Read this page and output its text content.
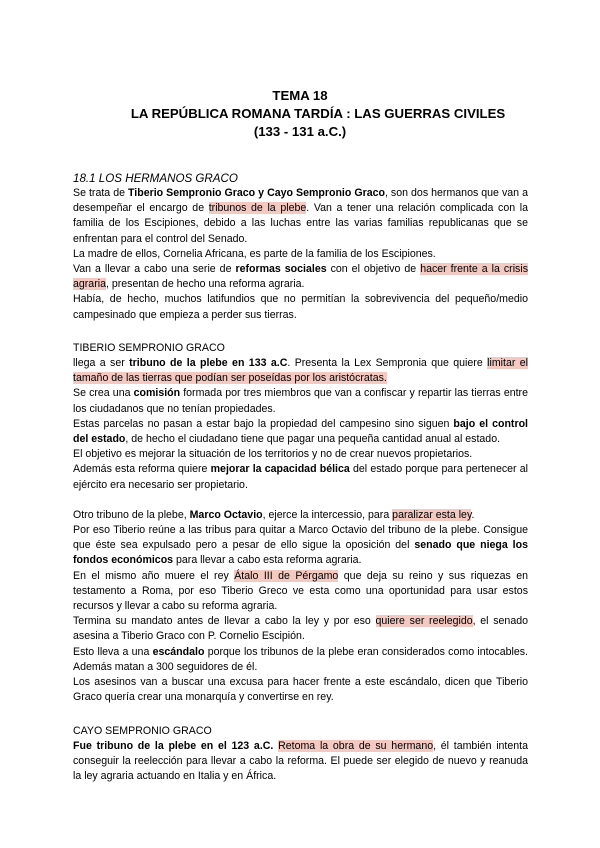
TEMA 18

LA REPÚBLICA ROMANA TARDÍA : LAS GUERRAS CIVILES

(133 - 131 a.C.)

18.1 LOS HERMANOS GRACO

Se trata de Tiberio Sempronio Graco y Cayo Sempronio Graco, son dos hermanos que van a desempeñar el encargo de tribunos de la plebe. Van a tener una relación complicada con la familia de los Escipiones, debido a las luchas entre las varias familias republicanas que se enfrentan para el control del Senado.

La madre de ellos, Cornelia Africana, es parte de la familia de los Escipiones.

Van a llevar a cabo una serie de reformas sociales con el objetivo de hacer frente a la crisis agraria, presentan de hecho una reforma agraria.

Había, de hecho, muchos latifundios que no permitían la sobrevivencia del pequeño/medio campesinado que empieza a perder sus tierras.

TIBERIO SEMPRONIO GRACO

llega a ser tribuno de la plebe en 133 a.C. Presenta la Lex Sempronia que quiere limitar el tamaño de las tierras que podían ser poseídas por los aristócratas.

Se crea una comisión formada por tres miembros que van a confiscar y repartir las tierras entre los ciudadanos que no tenían propiedades.

Estas parcelas no pasan a estar bajo la propiedad del campesino sino siguen bajo el control del estado, de hecho el ciudadano tiene que pagar una pequeña cantidad anual al estado.

El objetivo es mejorar la situación de los territorios y no de crear nuevos propietarios.

Además esta reforma quiere mejorar la capacidad bélica del estado porque para pertenecer al ejército era necesario ser propietario.

Otro tribuno de la plebe, Marco Octavio, ejerce la intercessio, para paralizar esta ley.

Por eso Tiberio reúne a las tribus para quitar a Marco Octavio del tribuno de la plebe. Consigue que éste sea expulsado pero a pesar de ello sigue la oposición del senado que niega los fondos económicos para llevar a cabo esta reforma agraria.

En el mismo año muere el rey Átalo III de Pérgamo que deja su reino y sus riquezas en testamento a Roma, por eso Tiberio Greco ve esta como una oportunidad para usar estos recursos y llevar a cabo su reforma agraria.

Termina su mandato antes de llevar a cabo la ley y por eso quiere ser reelegido, el senado asesina a Tiberio Graco con P. Cornelio Escipión.

Esto lleva a una escándalo porque los tribunos de la plebe eran considerados como intocables. Además matan a 300 seguidores de él.

Los asesinos van a buscar una excusa para hacer frente a este escándalo, dicen que Tiberio Graco quería crear una monarquía y convertirse en rey.

CAYO SEMPRONIO GRACO

Fue tribuno de la plebe en el 123 a.C. Retoma la obra de su hermano, él también intenta conseguir la reelección para llevar a cabo la reforma. El puede ser elegido de nuevo y reanuda la ley agraria actuando en Italia y en África.
